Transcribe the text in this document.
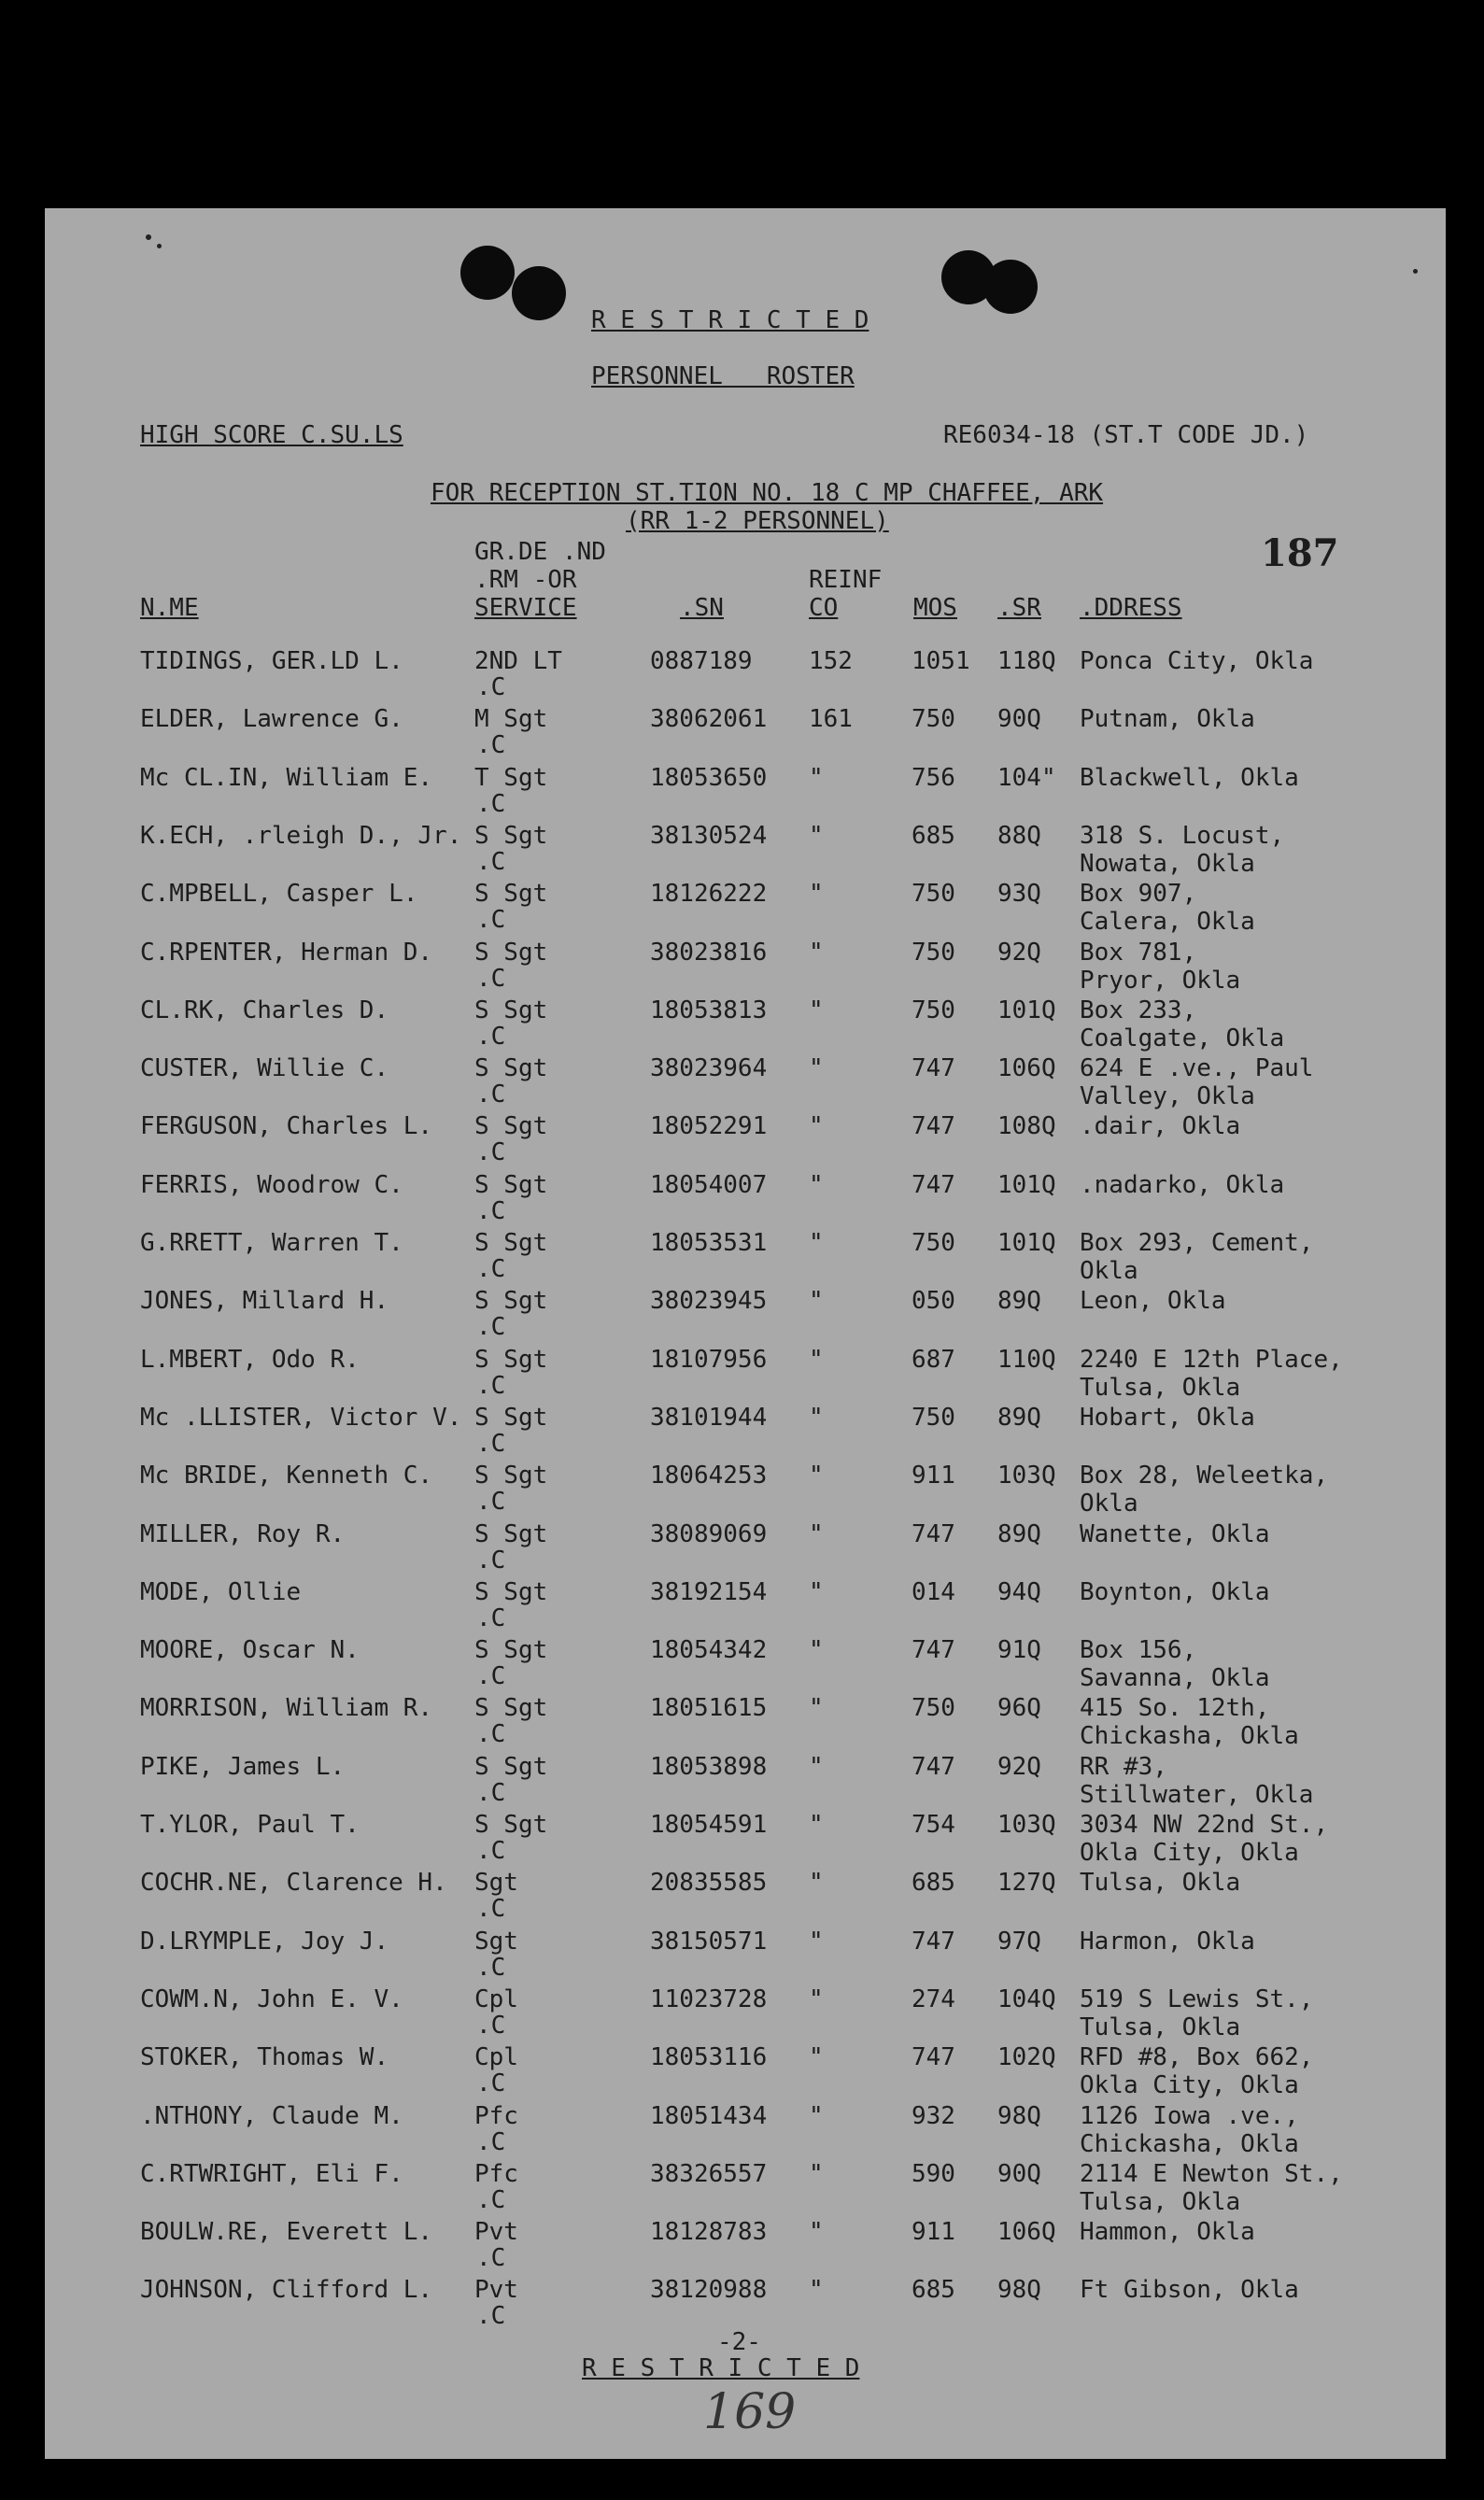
R E S T R I C T E D
PERSONNEL   ROSTER
HIGH SCORE C.SU.LS	RE6034-18 (ST.T CODE JD.)
FOR RECEPTION ST.TION NO. 18 C MP CHAFFEE, ARK
(RR 1-2 PERSONNEL)
187
N.ME
GR.DE .ND
.RM -OR
SERVICE	.SN
REINF
CO	MOS .SR .DDRESS
TIDINGS, GER.LD L.	2ND LT	0887189 152 1051 118Q Ponca City, Okla
.C
ELDER, Lawrence G.	M Sgt	38062061 161 750 90Q Putnam, Okla
.C
Mc CL.IN, William E. T Sgt	18053650 "	756 104" Blackwell, Okla
.C
K.ECH, .rleigh D., Jr. S Sgt	38130524 "	685 88Q 318 S. Locust,
.C	Nowata, Okla
C.MPBELL, Casper L. S Sgt	18126222 "	750 93Q Box 907,
.C	Calera, Okla
C.RPENTER, Herman D. S Sgt	38023816 "	750 92Q Box 781,
.C	Pryor, Okla
CL.RK, Charles D.	S Sgt	18053813 "	750 101Q Box 233,
.C	Coalgate, Okla
CUSTER, Willie C.	S Sgt	38023964 "	747 106Q 624 E .ve., Paul
.C	Valley, Okla
FERGUSON, Charles L. S Sgt	18052291 "	747 108Q .dair, Okla
.C
FERRIS, Woodrow C.	S Sgt	18054007 "	747 101Q .nadarko, Okla
.C
G.RRETT, Warren T.	S Sgt	18053531 "	750 101Q Box 293, Cement,
.C	Okla
JONES, Millard H.	S Sgt	38023945 "	050 89Q Leon, Okla
.C
L.MBERT, Odo R.	S Sgt	18107956 "	687 110Q 2240 E 12th Place,
.C	Tulsa, Okla
Mc .LLISTER, Victor V. S Sgt	38101944 "	750 89Q Hobart, Okla
.C
Mc BRIDE, Kenneth C. S Sgt	18064253 "	911 103Q Box 28, Weleetka,
.C	Okla
MILLER, Roy R.	S Sgt	38089069 "	747 89Q Wanette, Okla
.C
MODE, Ollie	S Sgt	38192154 "	014 94Q Boynton, Okla
.C
MOORE, Oscar N.	S Sgt	18054342 "	747 91Q Box 156,
.C	Savanna, Okla
MORRISON, William R. S Sgt	18051615 "	750 96Q 415 So. 12th,
.C	Chickasha, Okla
PIKE, James L.	S Sgt	18053898 "	747 92Q RR #3,
.C	Stillwater, Okla
T.YLOR, Paul T.	S Sgt	18054591 "	754 103Q 3034 NW 22nd St.,
.C	Okla City, Okla
COCHR.NE, Clarence H. Sgt	20835585 "	685 127Q Tulsa, Okla
.C
D.LRYMPLE, Joy J.	Sgt	38150571 "	747 97Q Harmon, Okla
.C
COWM.N, John E. V.	Cpl	11023728 "	274 104Q 519 S Lewis St.,
.C	Tulsa, Okla
STOKER, Thomas W.	Cpl	18053116 "	747 102Q RFD #8, Box 662,
.C	Okla City, Okla
.NTHONY, Claude M.	Pfc	18051434 "	932 98Q 1126 Iowa .ve.,
.C	Chickasha, Okla
C.RTWRIGHT, Eli F.	Pfc	38326557 "	590 90Q 2114 E Newton St.,
.C	Tulsa, Okla
BOULW.RE, Everett L. Pvt	18128783 "	911 106Q Hammon, Okla
.C
JOHNSON, Clifford L. Pvt	38120988 "	685 98Q Ft Gibson, Okla
.C
-2-
R E S T R I C T E D
169
